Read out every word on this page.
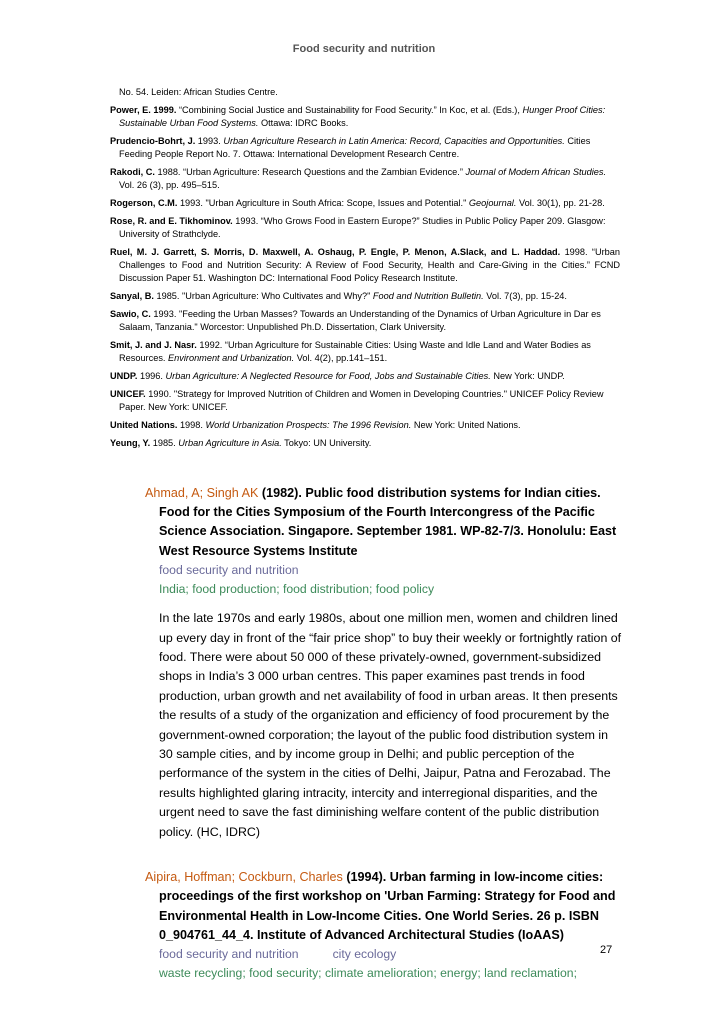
Food security and nutrition

No. 54. Leiden: African Studies Centre.

Power, E. 1999. “Combining Social Justice and Sustainability for Food Security.” In Koc, et al. (Eds.), Hunger Proof Cities: Sustainable Urban Food Systems. Ottawa: IDRC Books.

Prudencio-Bohrt, J. 1993. Urban Agriculture Research in Latin America: Record, Capacities and Opportunities. Cities Feeding People Report No. 7. Ottawa: International Development Research Centre.

Rakodi, C. 1988. “Urban Agriculture: Research Questions and the Zambian Evidence.” Journal of Modern African Studies. Vol. 26 (3), pp. 495–515.

Rogerson, C.M. 1993. "Urban Agriculture in South Africa: Scope, Issues and Potential." Geojournal. Vol. 30(1), pp. 21-28.

Rose, R. and E. Tikhominov. 1993. “Who Grows Food in Eastern Europe?” Studies in Public Policy Paper 209. Glasgow: University of Strathclyde.

Ruel, M. J. Garrett, S. Morris, D. Maxwell, A. Oshaug, P. Engle, P. Menon, A.Slack, and L. Haddad. 1998. “Urban Challenges to Food and Nutrition Security: A Review of Food Security, Health and Care-Giving in the Cities.” FCND Discussion Paper 51. Washington DC: International Food Policy Research Institute.

Sanyal, B. 1985. "Urban Agriculture: Who Cultivates and Why?" Food and Nutrition Bulletin. Vol. 7(3), pp. 15-24.

Sawio, C. 1993. "Feeding the Urban Masses? Towards an Understanding of the Dynamics of Urban Agriculture in Dar es Salaam, Tanzania." Worcestor: Unpublished Ph.D. Dissertation, Clark University.

Smit, J. and J. Nasr. 1992. “Urban Agriculture for Sustainable Cities: Using Waste and Idle Land and Water Bodies as Resources. Environment and Urbanization. Vol. 4(2), pp.141–151.

UNDP. 1996. Urban Agriculture: A Neglected Resource for Food, Jobs and Sustainable Cities. New York: UNDP.

UNICEF. 1990. "Strategy for Improved Nutrition of Children and Women in Developing Countries." UNICEF Policy Review Paper. New York: UNICEF.

United Nations. 1998. World Urbanization Prospects: The 1996 Revision. New York: United Nations.

Yeung, Y. 1985. Urban Agriculture in Asia. Tokyo: UN University.

Ahmad, A; Singh AK (1982). Public food distribution systems for Indian cities. Food for the Cities Symposium of the Fourth Intercongress of the Pacific Science Association. Singapore. September 1981. WP-82-7/3. Honolulu: East West Resource Systems Institute

food security and nutrition

India; food production; food distribution; food policy

In the late 1970s and early 1980s, about one million men, women and children lined up every day in front of the “fair price shop” to buy their weekly or fortnightly ration of food. There were about 50 000 of these privately-owned, government-subsidized shops in India’s 3 000 urban centres. This paper examines past trends in food production, urban growth and net availability of food in urban areas. It then presents the results of a study of the organization and efficiency of food procurement by the government-owned corporation; the layout of the public food distribution system in 30 sample cities, and by income group in Delhi; and public perception of the performance of the system in the cities of Delhi, Jaipur, Patna and Ferozabad. The results highlighted glaring intracity, intercity and interregional disparities, and the urgent need to save the fast diminishing welfare content of the public distribution policy. (HC, IDRC)

Aipira, Hoffman; Cockburn, Charles (1994). Urban farming in low-income cities: proceedings of the first workshop on 'Urban Farming: Strategy for Food and Environmental Health in Low-Income Cities. One World Series. 26 p. ISBN 0_904761_44_4. Institute of Advanced Architectural Studies (IoAAS)

food security and nutrition	city ecology

waste recycling; food security; climate amelioration; energy; land reclamation;

27
